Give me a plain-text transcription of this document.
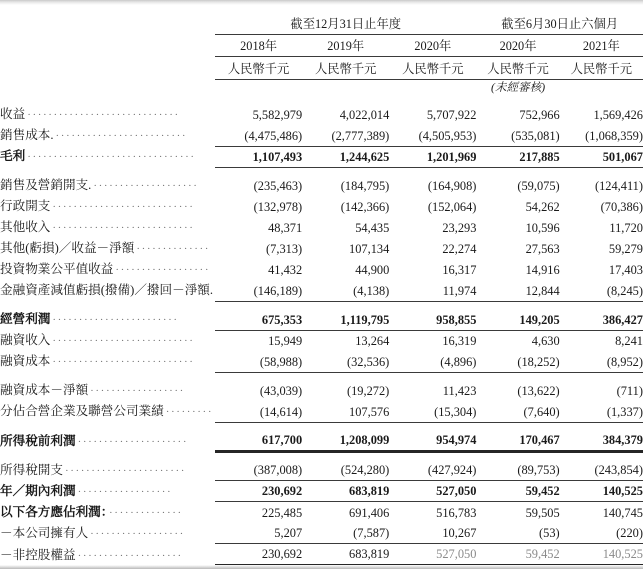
	截至12月31日止年度			截至6月30日止六個月	

	2018年	2019年	2020年	2020年	2021年

	人民幣千元	人民幣千元	人民幣千元	人民幣千元	人民幣千元

				(未經審核)	

收益 ·····························	5,582,979	4,022,014	5,707,922	752,966	1,569,426
銷售成本. ·························	(4,475,486)	(2,777,389)	(4,505,953)	(535,081)	(1,068,359)
毛利 ································	1,107,493	1,244,625	1,201,969	217,885	501,067

銷售及營銷開支. ····················	(235,463)	(184,795)	(164,908)	(59,075)	(124,411)
行政開支 ···························	(132,978)	(142,366)	(152,064)	54,262	(70,386)
其他收入 ···························	48,371	54,435	23,293	10,596	11,720
其他(虧損)／收益－淨額 ··············	(7,313)	107,134	22,274	27,563	59,279
投資物業公平值收益 ··················	41,432	44,900	16,317	14,916	17,403
金融資產減值虧損(撥備)／撥回－淨額.	(146,189)	(4,138)	11,974	12,844	(8,245)

經營利潤 ························	675,353	1,119,795	958,855	149,205	386,427
融資收入 ···························	15,949	13,264	16,319	4,630	8,241
融資成本 ···························	(58,988)	(32,536)	(4,896)	(18,252)	(8,952)

融資成本－淨額 ··················	(43,039)	(19,272)	11,423	(13,622)	(711)
分佔合營企業及聯營公司業績 ·········	(14,614)	107,576	(15,304)	(7,640)	(1,337)

所得稅前利潤 ·····················	617,700	1,208,099	954,974	170,467	384,379

所得稅開支 ·······················	(387,008)	(524,280)	(427,924)	(89,753)	(243,854)
年／期內利潤 ··················	230,692	683,819	527,050	59,452	140,525
以下各方應佔利潤： ··············	225,485	691,406	516,783	59,505	140,745
－本公司擁有人 ··················	5,207	(7,587)	10,267	(53)	(220)
－非控股權益 ····················	230,692	683,819	527,050	59,452	140,525
